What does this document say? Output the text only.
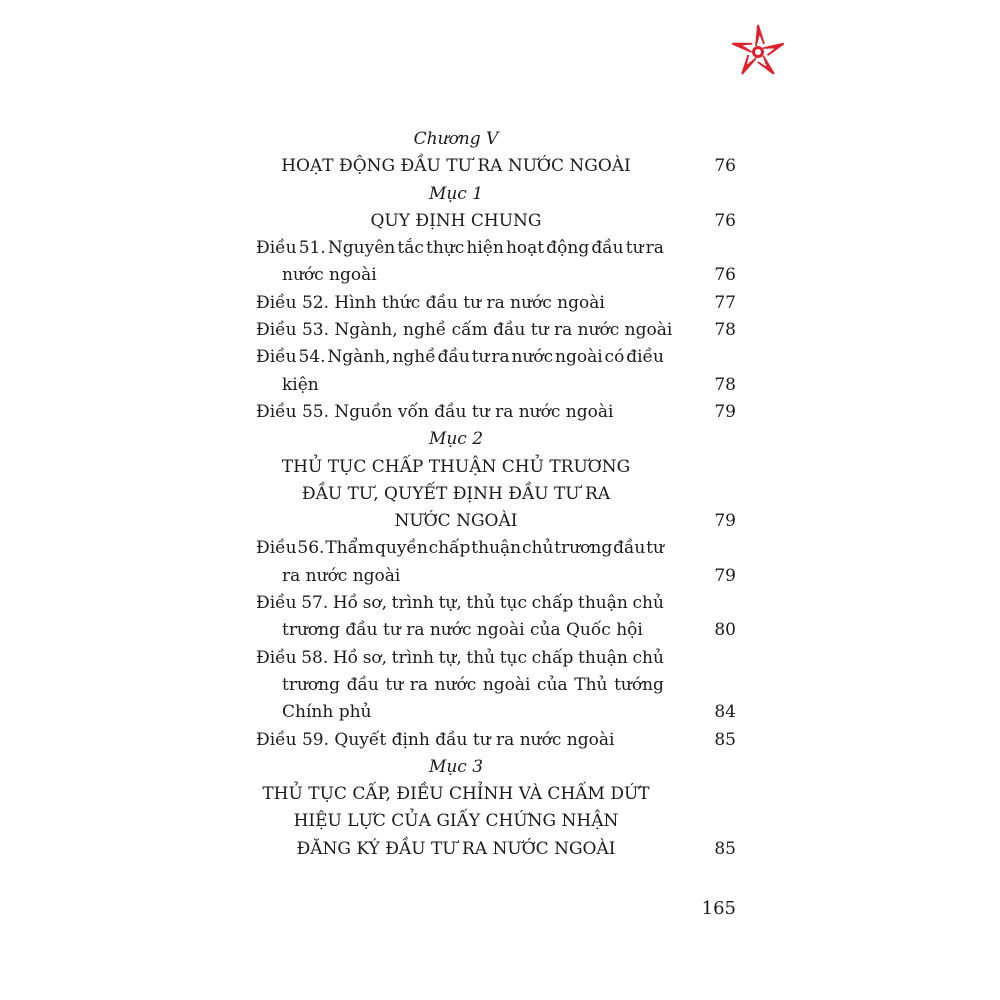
Chương V
HOẠT ĐỘNG ĐẦU TƯ RA NƯỚC NGOÀI	76
Mục 1
QUY ĐỊNH CHUNG	76
Điều 51. Nguyên tắc thực hiện hoạt động đầu tư ra
nước ngoài	76
Điều 52. Hình thức đầu tư ra nước ngoài	77
Điều 53. Ngành, nghề cấm đầu tư ra nước ngoài 78
Điều 54. Ngành, nghề đầu tư ra nước ngoài có điều
kiện	78
Điều 55. Nguồn vốn đầu tư ra nước ngoài	79
Mục 2
THỦ TỤC CHẤP THUẬN CHỦ TRƯƠNG
ĐẦU TƯ, QUYẾT ĐỊNH ĐẦU TƯ RA
NƯỚC NGOÀI	79
Điều 56. Thẩm quyền chấp thuận chủ trương đầu tư
ra nước ngoài	79
Điều 57. Hồ sơ, trình tự, thủ tục chấp thuận chủ
trương đầu tư ra nước ngoài của Quốc hội	80
Điều 58. Hồ sơ, trình tự, thủ tục chấp thuận chủ
trương đầu tư ra nước ngoài của Thủ tướng
Chính phủ	84
Điều 59. Quyết định đầu tư ra nước ngoài	85
Mục 3
THỦ TỤC CẤP, ĐIỀU CHỈNH VÀ CHẤM DỨT
HIỆU LỰC CỦA GIẤY CHỨNG NHẬN
ĐĂNG KÝ ĐẦU TƯ RA NƯỚC NGOÀI	85
165
